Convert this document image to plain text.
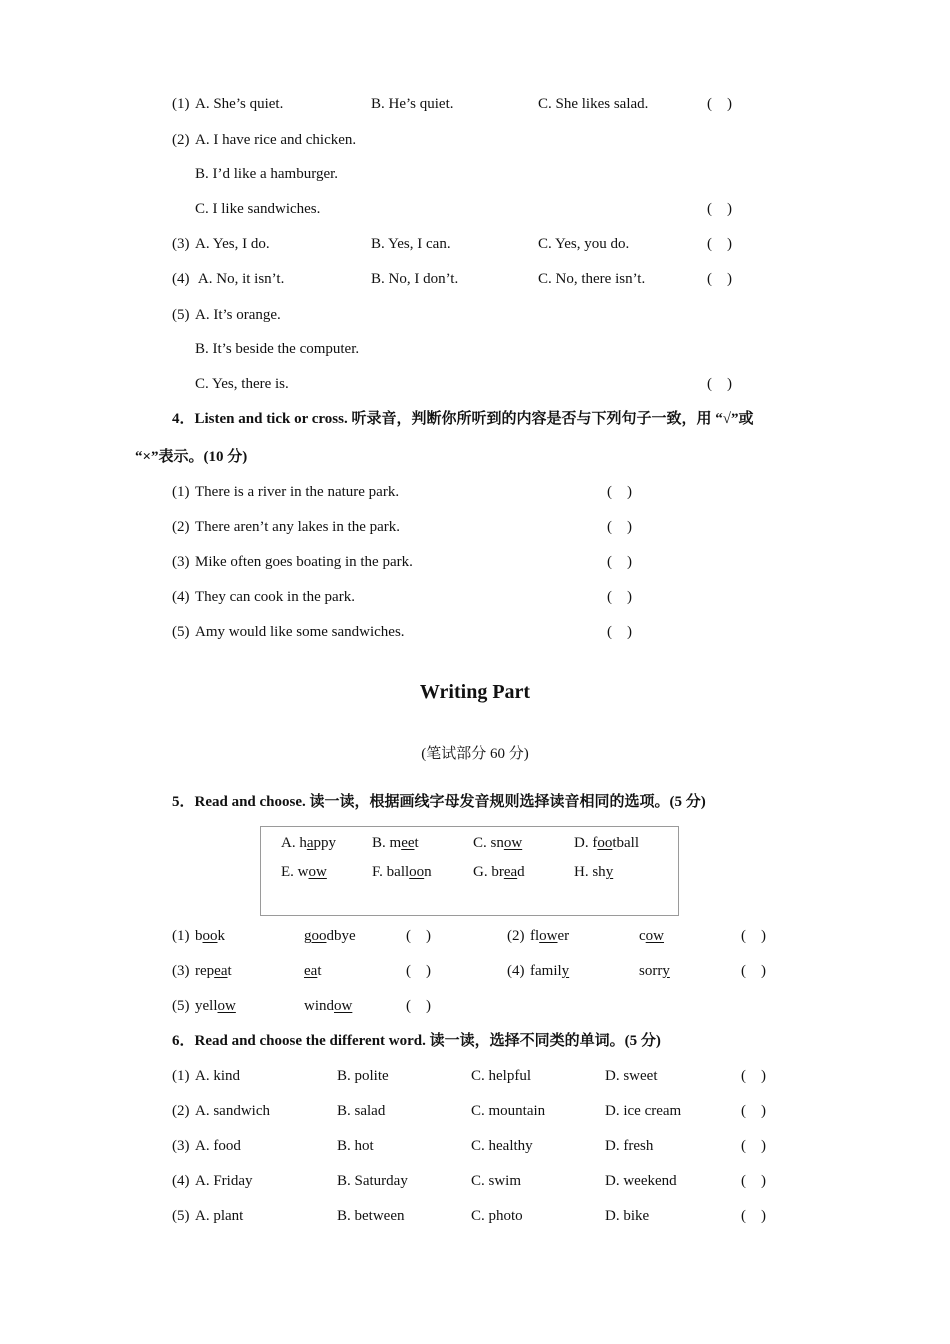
(1) A. She’s quiet.	B. He’s quiet.	C. She likes salad.	(    )
(2) A. I have rice and chicken.
B. I’d like a hamburger.
C. I like sandwiches.	(    )
(3) A. Yes, I do.	B. Yes, I can.	C. Yes, you do.	(    )
(4) A. No, it isn’t.	B. No, I don’t.	C. No, there isn’t.	(    )
(5) A. It’s orange.
B. It’s beside the computer.
C. Yes, there is.	(    )
4．Listen and tick or cross. 听录音，判断你所听到的内容是否与下列句子一致，用 “√”或
“×”表示。(10 分)
(1) There is a river in the nature park.	(    )
(2) There aren’t any lakes in the park.	(    )
(3) Mike often goes boating in the park.	(    )
(4) They can cook in the park.	(    )
(5) Amy would like some sandwiches.	(    )
Writing Part
(笔试部分 60 分)
5．Read and choose. 读一读，根据画线字母发音规则选择读音相同的选项。(5 分)
A. happy B. meet	C. snow	D. football
E. wow	F. balloon	G. bread	H. shy
(1) book	goodbye	(    )	(2) flower	cow	(    )
(3) repeat	eat	(    )	(4) family	sorry	(    )
(5) yellow	window	(    )
6．Read and choose the different word. 读一读，选择不同类的单词。(5 分)
(1) A. kind	B. polite	C. helpful	D. sweet	(    )
(2) A. sandwich	B. salad	C. mountain	D. ice cream	(    )
(3) A. food	B. hot	C. healthy	D. fresh	(    )
(4) A. Friday	B. Saturday	C. swim	D. weekend	(    )
(5) A. plant	B. between	C. photo	D. bike	(    )
